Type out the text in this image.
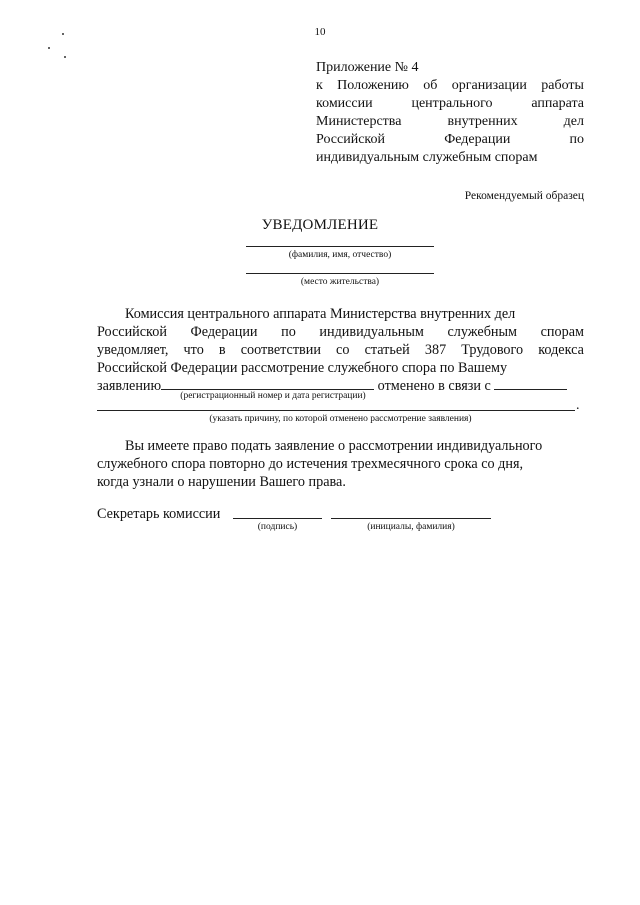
10
Приложение № 4
к Положению об организации работы
комиссии	центрального	аппарата
Министерства	внутренних	дел
Российской	Федерации	по
индивидуальным служебным спорам
Рекомендуемый образец
УВЕДОМЛЕНИЕ
(фамилия, имя, отчество)
(место жительства)
Комиссия центрального аппарата Министерства внутренних дел
Российской Федерации по индивидуальным служебным спорам
уведомляет, что в соответствии со статьей 387 Трудового кодекса
Российской Федерации рассмотрение служебного спора по Вашему
заявлению	отменено в связи с
(регистрационный номер и дата регистрации)
.
(указать причину, по которой отменено рассмотрение заявления)
Вы имеете право подать заявление о рассмотрении индивидуального
служебного спора повторно до истечения трехмесячного срока со дня,
когда узнали о нарушении Вашего права.
Секретарь комиссии
(подпись)	(инициалы, фамилия)
